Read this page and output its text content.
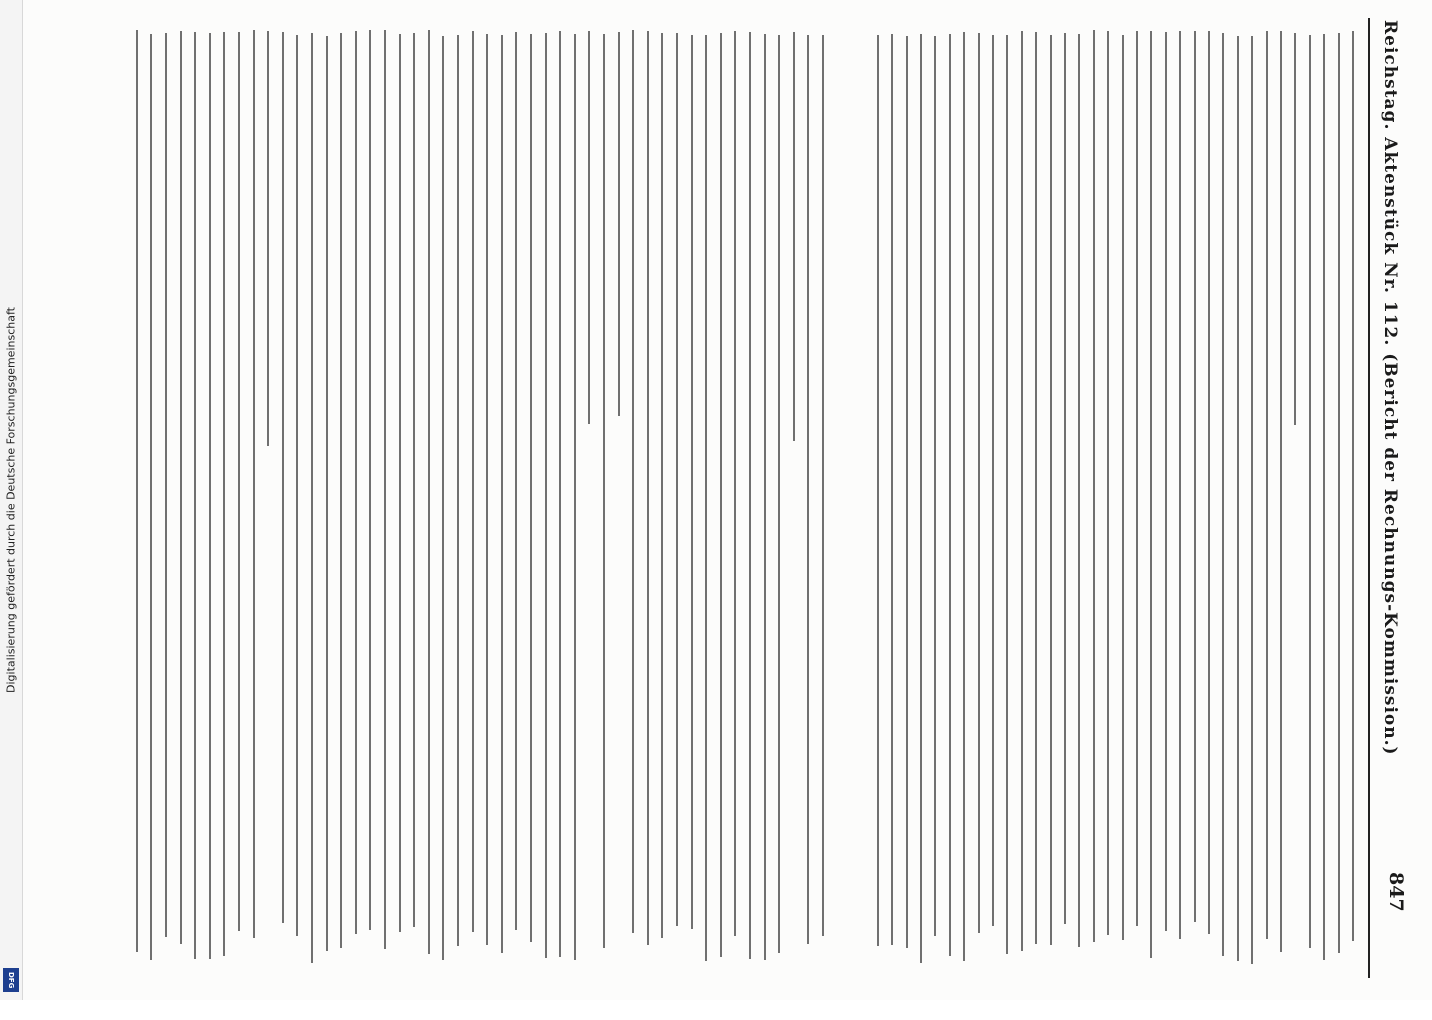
Digitalisierung gefördert durch die Deutsche Forschungsgemeinschaft
DFG
Reichstag. Aktenstück Nr. 112. (Bericht der Rechnungs-Kommission.)
847
